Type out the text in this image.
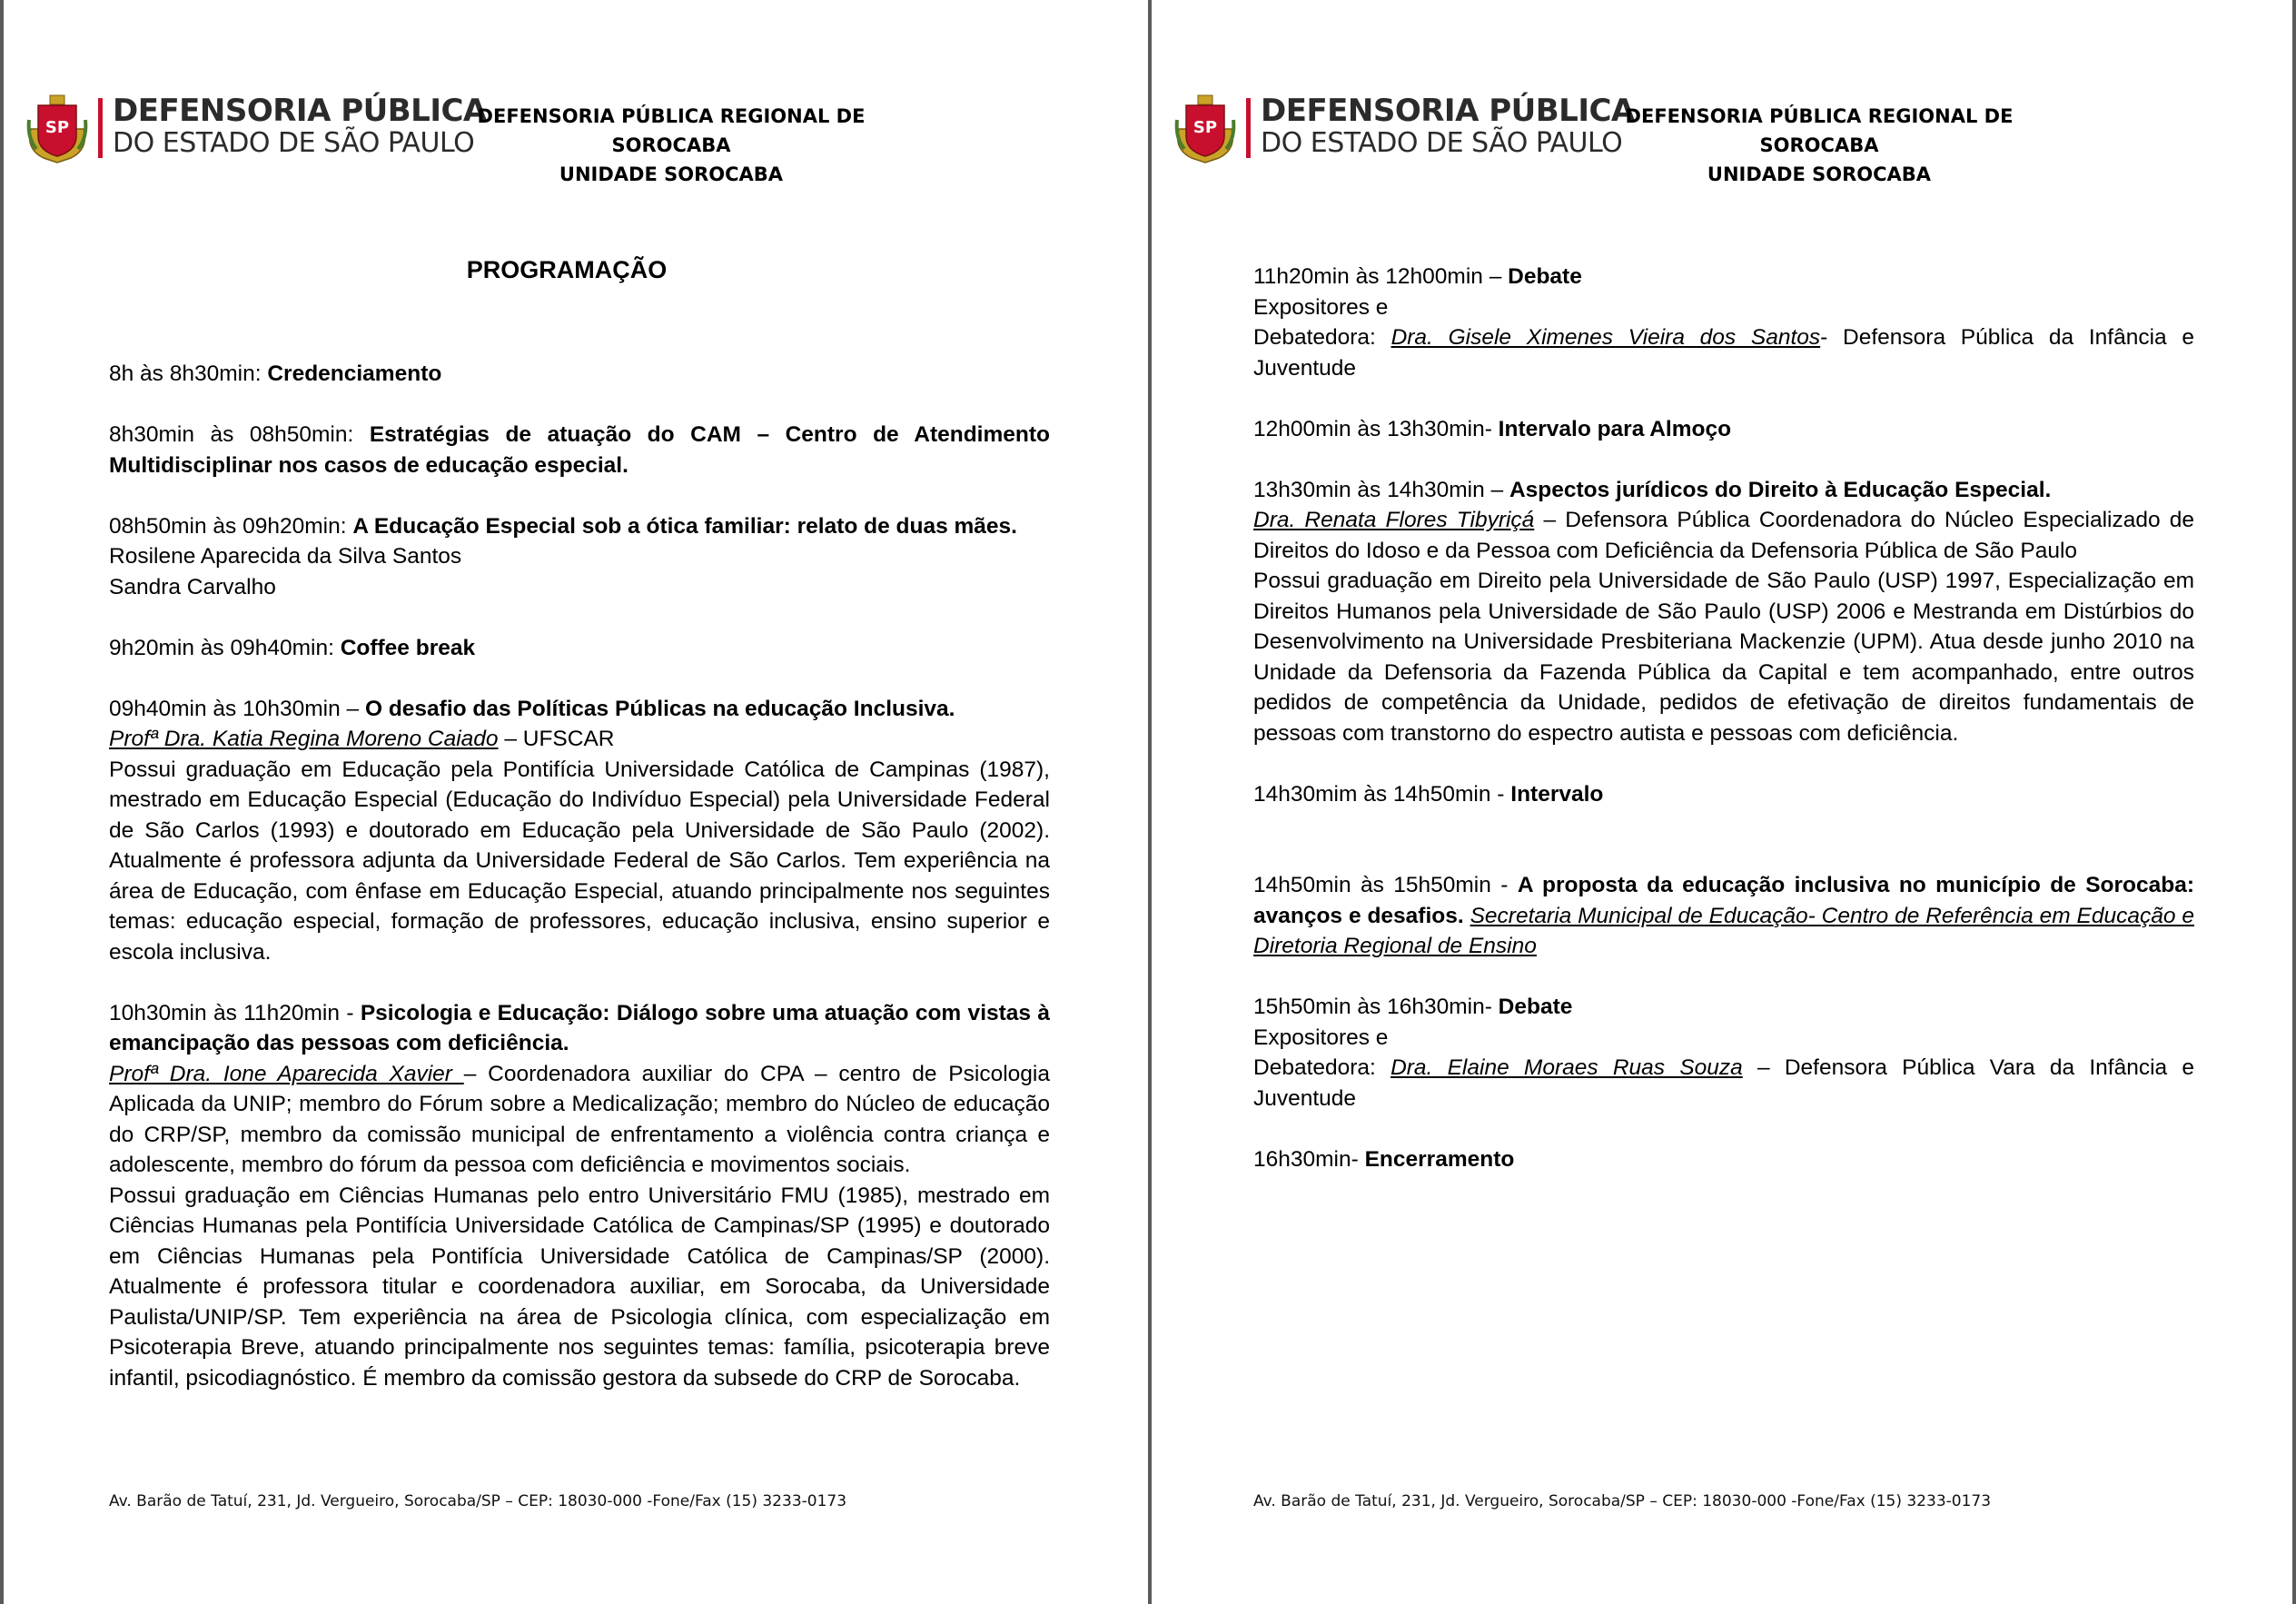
SP DEFENSORIA PÚBLICA
DO ESTADO DE SÃO PAULO
DEFENSORIA PÚBLICA REGIONAL DE SOROCABA
UNIDADE SOROCABA
PROGRAMAÇÃO
8h às 8h30min: Credenciamento
8h30min às 08h50min: Estratégias de atuação do CAM – Centro de Atendimento Multidisciplinar nos casos de educação especial.

08h50min às 09h20min: A Educação Especial sob a ótica familiar: relato de duas mães.

Rosilene Aparecida da Silva Santos

Sandra Carvalho

9h20min às 09h40min: Coffee break

09h40min às 10h30min – O desafio das Políticas Públicas na educação Inclusiva.

Profª Dra. Katia Regina Moreno Caiado – UFSCAR

Possui graduação em Educação pela Pontifícia Universidade Católica de Campinas (1987), mestrado em Educação Especial (Educação do Indivíduo Especial) pela Universidade Federal de São Carlos (1993) e doutorado em Educação pela Universidade de São Paulo (2002). Atualmente é professora adjunta da Universidade Federal de São Carlos. Tem experiência na área de Educação, com ênfase em Educação Especial, atuando principalmente nos seguintes temas: educação especial, formação de professores, educação inclusiva, ensino superior e escola inclusiva.

10h30min às 11h20min - Psicologia e Educação: Diálogo sobre uma atuação com vistas à emancipação das pessoas com deficiência.

Profª Dra. Ione Aparecida Xavier – Coordenadora auxiliar do CPA – centro de Psicologia Aplicada da UNIP; membro do Fórum sobre a Medicalização; membro do Núcleo de educação do CRP/SP, membro da comissão municipal de enfrentamento a violência contra criança e adolescente, membro do fórum da pessoa com deficiência e movimentos sociais.

Possui graduação em Ciências Humanas pelo entro Universitário FMU (1985), mestrado em Ciências Humanas pela Pontifícia Universidade Católica de Campinas/SP (1995) e doutorado em Ciências Humanas pela Pontifícia Universidade Católica de Campinas/SP (2000). Atualmente é professora titular e coordenadora auxiliar, em Sorocaba, da Universidade Paulista/UNIP/SP. Tem experiência na área de Psicologia clínica, com especialização em Psicoterapia Breve, atuando principalmente nos seguintes temas: família, psicoterapia breve infantil, psicodiagnóstico. É membro da comissão gestora da subsede do CRP de Sorocaba.

Av. Barão de Tatuí, 231, Jd. Vergueiro, Sorocaba/SP – CEP: 18030-000 -Fone/Fax (15) 3233-0173
SP DEFENSORIA PÚBLICA
DO ESTADO DE SÃO PAULO
DEFENSORIA PÚBLICA REGIONAL DE SOROCABA
UNIDADE SOROCABA

11h20min às 12h00min – Debate

Expositores e

Debatedora: Dra. Gisele Ximenes Vieira dos Santos- Defensora Pública da Infância e Juventude

12h00min às 13h30min- Intervalo para Almoço

13h30min às 14h30min – Aspectos jurídicos do Direito à Educação Especial.

Dra. Renata Flores Tibyriçá – Defensora Pública Coordenadora do Núcleo Especializado de Direitos do Idoso e da Pessoa com Deficiência da Defensoria Pública de São Paulo

Possui graduação em Direito pela Universidade de São Paulo (USP) 1997, Especialização em Direitos Humanos pela Universidade de São Paulo (USP) 2006 e Mestranda em Distúrbios do Desenvolvimento na Universidade Presbiteriana Mackenzie (UPM). Atua desde junho 2010 na Unidade da Defensoria da Fazenda Pública da Capital e tem acompanhado, entre outros pedidos de competência da Unidade, pedidos de efetivação de direitos fundamentais de pessoas com transtorno do espectro autista e pessoas com deficiência.

14h30mim às 14h50min - Intervalo
14h50min às 15h50min - A proposta da educação inclusiva no município de Sorocaba: avanços e desafios. Secretaria Municipal de Educação- Centro de Referência em Educação e Diretoria Regional de Ensino

15h50min às 16h30min- Debate

Expositores e

Debatedora: Dra. Elaine Moraes Ruas Souza – Defensora Pública Vara da Infância e Juventude

16h30min- Encerramento
Av. Barão de Tatuí, 231, Jd. Vergueiro, Sorocaba/SP – CEP: 18030-000 -Fone/Fax (15) 3233-0173
